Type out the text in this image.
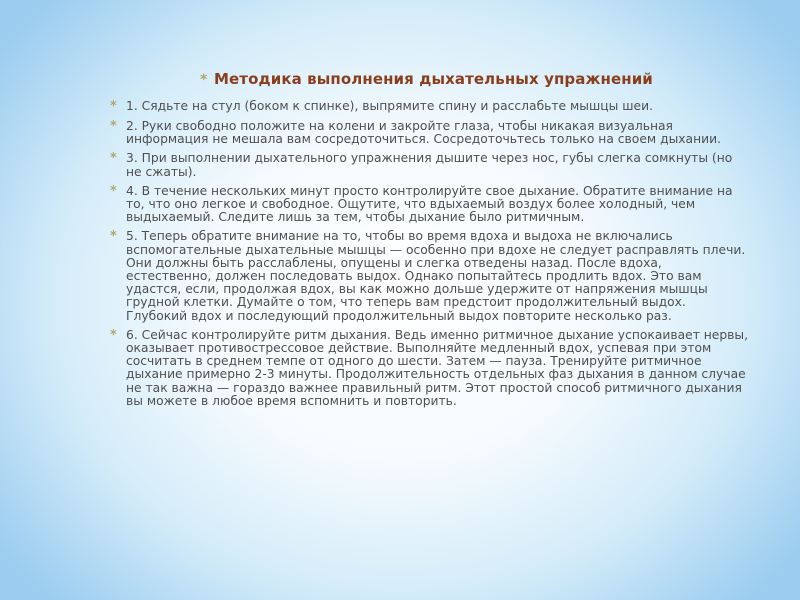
* Методика выполнения дыхательных упражнений
* 1. Сядьте на стул (боком к спинке), выпрямите спину и расслабьте мышцы шеи.
* 2. Руки свободно положите на колени и закройте глаза, чтобы никакая визуальная информация не мешала вам сосредоточиться. Сосредоточьтесь только на своем дыхании.
* 3. При выполнении дыхательного упражнения дышите через нос, губы слегка сомкнуты (но не сжаты).
* 4. В течение нескольких минут просто контролируйте свое дыхание. Обратите внимание на то, что оно легкое и свободное. Ощутите, что вдыхаемый воздух более холодный, чем выдыхаемый. Следите лишь за тем, чтобы дыхание было ритмичным.
* 5. Теперь обратите внимание на то, чтобы во время вдоха и выдоха не включались вспомогательные дыхательные мышцы — особенно при вдохе не следует расправлять плечи. Они должны быть расслаблены, опущены и слегка отведены назад. После вдоха, естественно, должен последовать выдох. Однако попытайтесь продлить вдох. Это вам удастся, если, продолжая вдох, вы как можно дольше удержите от напряжения мышцы грудной клетки. Думайте о том, что теперь вам предстоит продолжительный выдох. Глубокий вдох и последующий продолжительный выдох повторите несколько раз.
* 6. Сейчас контролируйте ритм дыхания. Ведь именно ритмичное дыхание успокаивает нервы, оказывает противострессовое действие. Выполняйте медленный вдох, успевая при этом сосчитать в среднем темпе от одного до шести. Затем — пауза. Тренируйте ритмичное дыхание примерно 2-3 минуты. Продолжительность отдельных фаз дыхания в данном случае не так важна — гораздо важнее правильный ритм. Этот простой способ ритмичного дыхания вы можете в любое время вспомнить и повторить.
